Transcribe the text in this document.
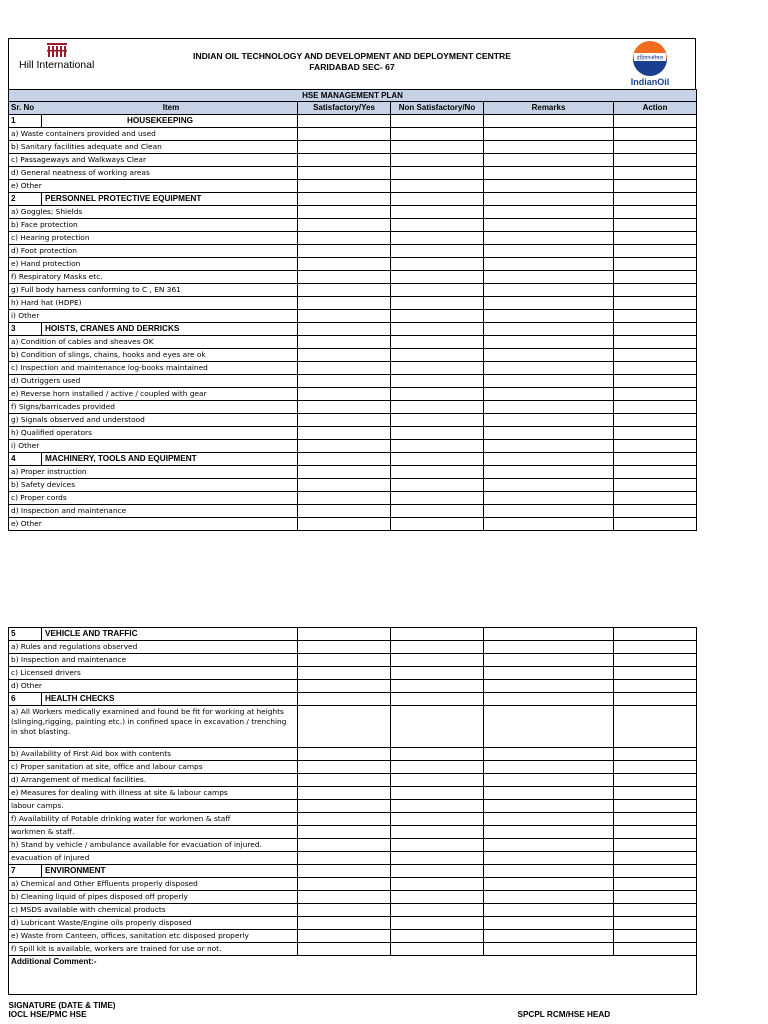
Hill International
INDIAN OIL TECHNOLOGY AND DEVELOPMENT AND DEPLOYMENT CENTRE
FARIDABAD SEC- 67
इंडियनऑयल
IndianOil
HSE MANAGEMENT PLAN				
Sr. No Item	Satisfactory/Yes	Non Satisfactory/No	Remarks	Action
1 HOUSEKEEPING				
a) Waste containers provided and used				
b) Sanitary facilities adequate and Clean				
c) Passageways and Walkways Clear				
d) General neatness of working areas				
e) Other				
2 PERSONNEL PROTECTIVE EQUIPMENT				
a) Goggles; Shields				
b) Face protection				
c) Hearing protection				
d) Foot protection				
e) Hand protection				
f) Respiratory Masks etc.				
g) Full body harness conforming to C , EN 361				
h) Hard hat (HDPE)				
i) Other				
3 HOISTS, CRANES AND DERRICKS				
a) Condition of cables and sheaves OK				
b) Condition of slings, chains, hooks and eyes are ok				
c) Inspection and maintenance log-books maintained				
d) Outriggers used				
e) Reverse horn installed / active / coupled with gear				
f) Signs/barricades provided				
g) Signals observed and understood				
h) Qualified operators				
i) Other				
4 MACHINERY, TOOLS AND EQUIPMENT				
a) Proper instruction				
b) Safety devices				
c) Proper cords				
d) Inspection and maintenance				
e) Other				

5 VEHICLE AND TRAFFIC				
a) Rules and regulations observed				
b) Inspection and maintenance				
c) Licensed drivers				
d) Other				
6 HEALTH CHECKS				
a) All Workers medically examined and found be fit for working at heights (slinging,rigging, painting etc.) in confined space in excavation / trenching in shot blasting.				
b) Availability of First Aid box with contents				
c) Proper sanitation at site, office and labour camps				
d) Arrangement of medical facilities.				
e) Measures for dealing with illness at site & labour camps				
labour camps.				
f) Availability of Potable drinking water for workmen & staff				
workmen & staff.				
h) Stand by vehicle / ambulance available for evacuation of injured.				
evacuation of injured				
7 ENVIRONMENT				
a) Chemical and Other Effluents properly disposed				
b) Cleaning liquid of pipes disposed off properly				
c) MSDS available with chemical products				
d) Lubricant Waste/Engine oils properly disposed				
e) Waste from Canteen, offices, sanitation etc disposed properly				
f) Spill kit is available, workers are trained for use or not.				
Additional Comment:-				

SIGNATURE (DATE & TIME)
IOCL HSE/PMC HSE SPCPL RCM/HSE HEAD				
